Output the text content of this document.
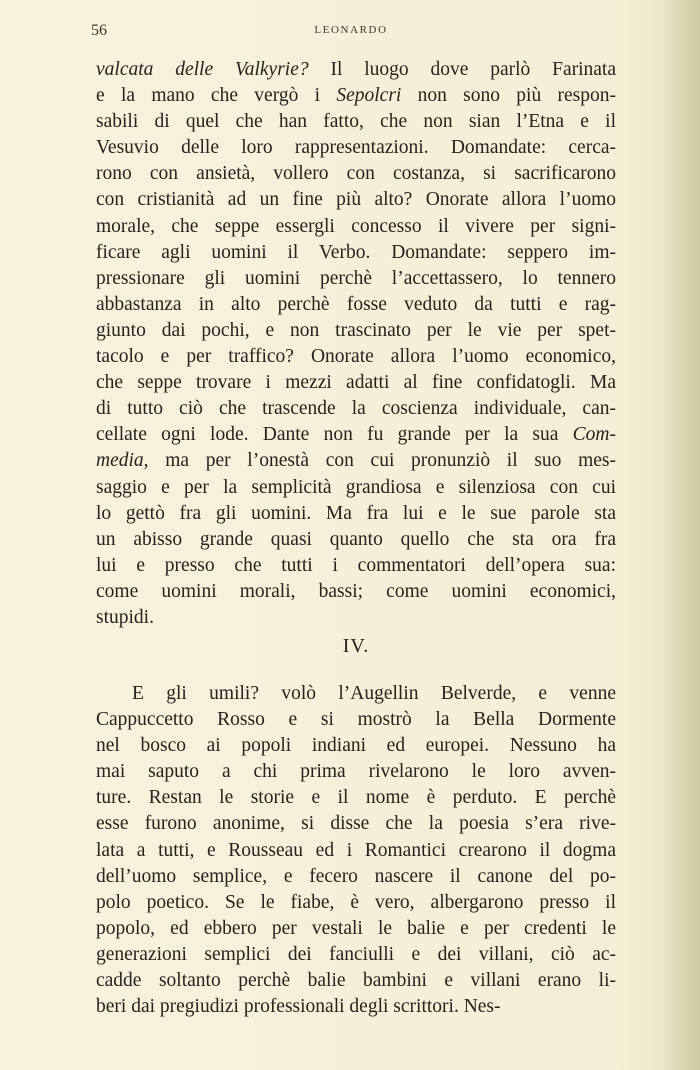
56	LEONARDO
valcata delle Valkyrie? Il luogo dove parlò Farinata
e la mano che vergò i Sepolcri non sono più respon-
sabili di quel che han fatto, che non sian l’Etna e il
Vesuvio delle loro rappresentazioni. Domandate: cerca-
rono con ansietà, vollero con costanza, si sacrificarono
con cristianità ad un fine più alto? Onorate allora l’uomo
morale, che seppe essergli concesso il vivere per signi-
ficare agli uomini il Verbo. Domandate: seppero im-
pressionare gli uomini perchè l’accettassero, lo tennero
abbastanza in alto perchè fosse veduto da tutti e rag-
giunto dai pochi, e non trascinato per le vie per spet-
tacolo e per traffico? Onorate allora l’uomo economico,
che seppe trovare i mezzi adatti al fine confidatogli. Ma
di tutto ciò che trascende la coscienza individuale, can-
cellate ogni lode. Dante non fu grande per la sua Com-
media, ma per l’onestà con cui pronunziò il suo mes-
saggio e per la semplicità grandiosa e silenziosa con cui
lo gettò fra gli uomini. Ma fra lui e le sue parole sta
un abisso grande quasi quanto quello che sta ora fra
lui e presso che tutti i commentatori dell’opera sua:
come uomini morali, bassi; come uomini economici,
stupidi.
IV.
E gli umili? volò l’Augellin Belverde, e venne
Cappuccetto Rosso e si mostrò la Bella Dormente
nel bosco ai popoli indiani ed europei. Nessuno ha
mai saputo a chi prima rivelarono le loro avven-
ture. Restan le storie e il nome è perduto. E perchè
esse furono anonime, si disse che la poesia s’era rive-
lata a tutti, e Rousseau ed i Romantici crearono il dogma
dell’uomo semplice, e fecero nascere il canone del po-
polo poetico. Se le fiabe, è vero, albergarono presso il
popolo, ed ebbero per vestali le balie e per credenti le
generazioni semplici dei fanciulli e dei villani, ciò ac-
cadde soltanto perchè balie bambini e villani erano li-
beri dai pregiudizi professionali degli scrittori. Nes-
